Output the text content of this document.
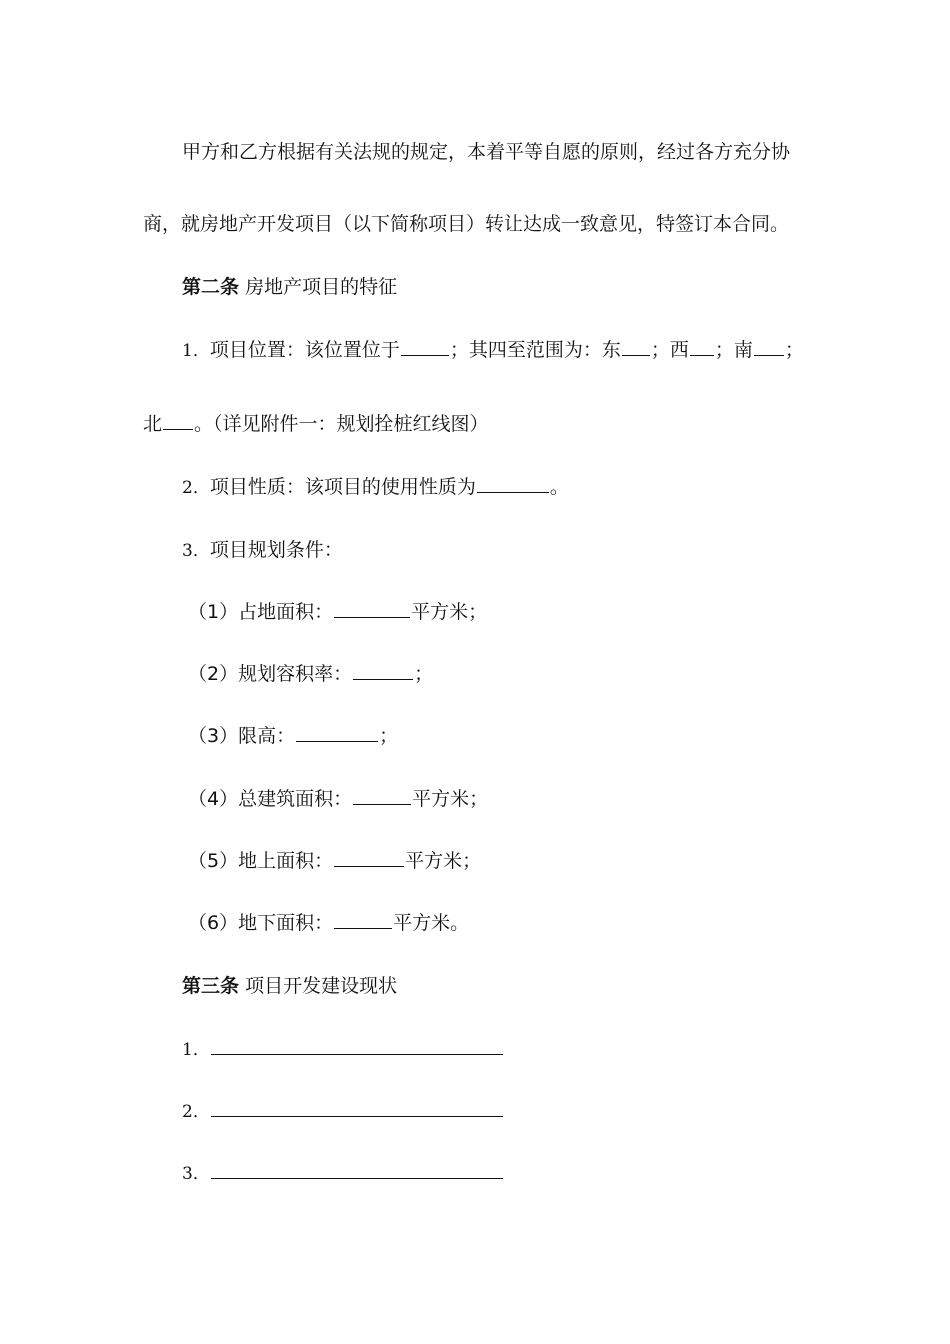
甲方和乙方根据有关法规的规定，本着平等自愿的原则，经过各方充分协
商，就房地产开发项目（以下简称项目）转让达成一致意见，特签订本合同。
第二条 房地产项目的特征
1．项目位置：该位置位于	；其四至范围为：东 ；西 ；南 ；
北 。（详见附件一：规划拴桩红线图）
2．项目性质：该项目的使用性质为	。
3．项目规划条件：
（1）占地面积：	平方米；
（2）规划容积率：	；
（3）限高：	；
（4）总建筑面积：	平方米；
（5）地上面积：	平方米；
（6）地下面积：	平方米。
第三条 项目开发建设现状
1．
2．
3．
